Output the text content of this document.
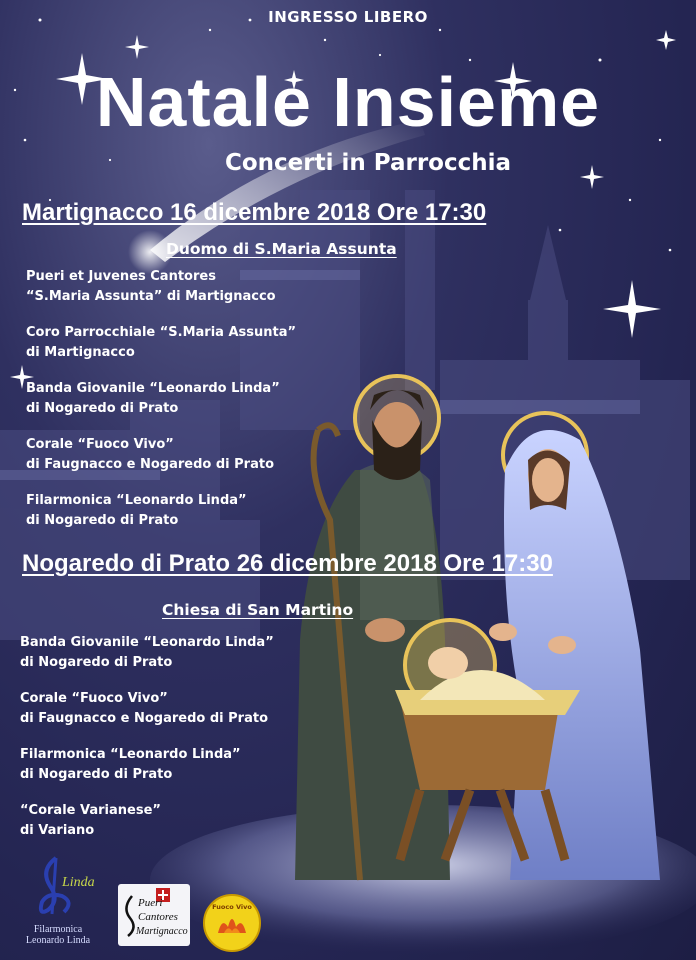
INGRESSO LIBERO
Natale Insieme
Concerti in Parrocchia
Martignacco 16 dicembre 2018 Ore 17:30
Duomo di S.Maria Assunta
Pueri et Juvenes Cantores
“S.Maria Assunta” di Martignacco
Coro Parrocchiale “S.Maria Assunta”
di Martignacco
Banda Giovanile “Leonardo Linda”
di Nogaredo di Prato
Corale “Fuoco Vivo”
di Faugnacco e Nogaredo di Prato
Filarmonica “Leonardo Linda”
di Nogaredo di Prato
Nogaredo di Prato 26 dicembre 2018 Ore 17:30
Chiesa di San Martino
Banda Giovanile “Leonardo Linda”
di Nogaredo di Prato
Corale “Fuoco Vivo”
di Faugnacco e Nogaredo di Prato
Filarmonica “Leonardo Linda”
di Nogaredo di Prato
“Corale Varianese”
di Variano
Linda
Filarmonica
Leonardo Linda
Pueri
Cantores
Martignacco
Fuoco Vivo
